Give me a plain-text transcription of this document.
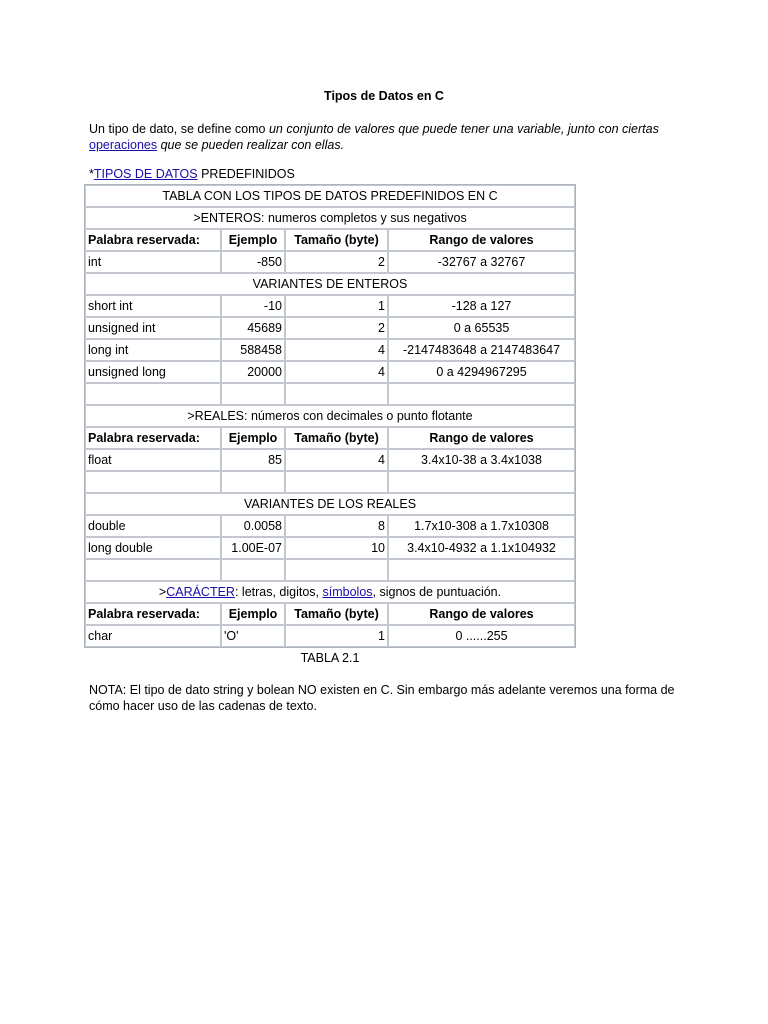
Tipos de Datos en C

Un tipo de dato, se define como un conjunto de valores que puede tener una variable, junto con ciertas operaciones que se pueden realizar con ellas.

*TIPOS DE DATOS PREDEFINIDOS

TABLA CON LOS TIPOS DE DATOS PREDEFINIDOS EN C			
>ENTEROS: numeros completos y sus negativos			
Palabra reservada:	Ejemplo	Tamaño (byte)	Rango de valores
int	-850	2	-32767 a 32767
VARIANTES DE ENTEROS			
short int	-10	1	-128 a 127
unsigned int	45689	2	0 a 65535
long int	588458	4	-2147483648 a 2147483647
unsigned long	20000	4	0 a 4294967295

>REALES: números con decimales o punto flotante			
Palabra reservada:	Ejemplo	Tamaño (byte)	Rango de valores
float	85	4	3.4x10-38 a 3.4x1038

VARIANTES DE LOS REALES			
double	0.0058	8	1.7x10-308 a 1.7x10308
long double	1.00E-07	10	3.4x10-4932 a 1.1x104932

>CARÁCTER: letras, digitos, símbolos, signos de puntuación.			
Palabra reservada:	Ejemplo	Tamaño (byte)	Rango de valores
char	'O'	1	0 ......255

TABLA 2.1

NOTA: El tipo de dato string y bolean NO existen en C. Sin embargo más adelante veremos una forma de cómo hacer uso de las cadenas de texto.
